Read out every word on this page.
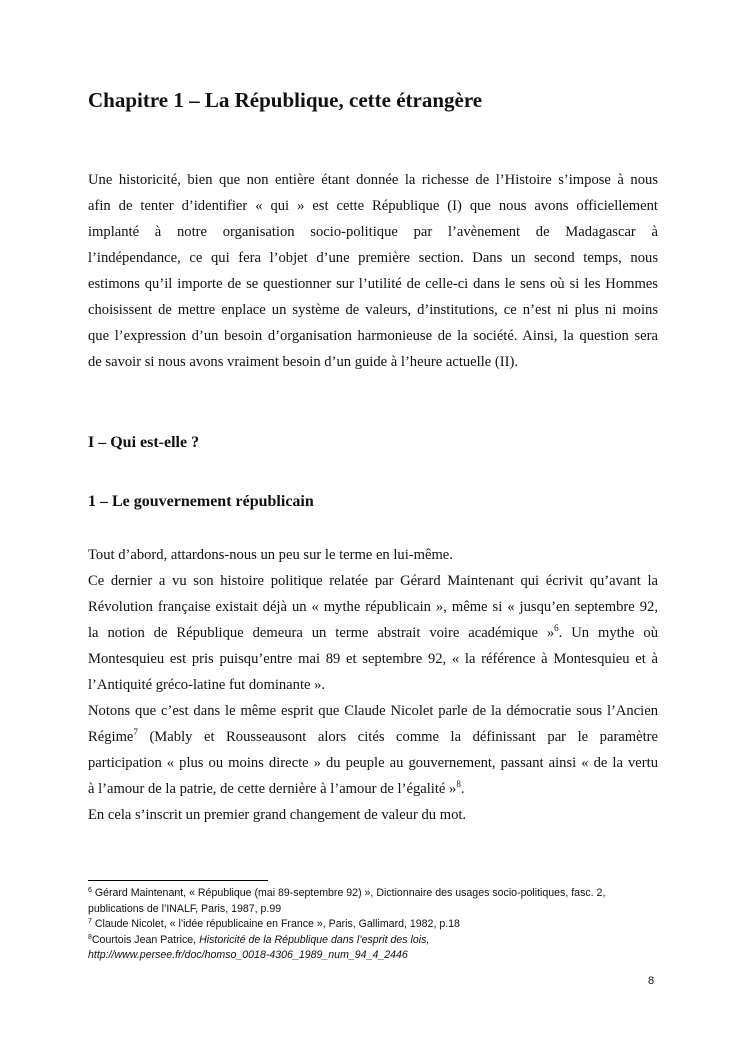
Chapitre 1 – La République, cette étrangère
Une historicité, bien que non entière étant donnée la richesse de l’Histoire s’impose à nous
afin de tenter d’identifier « qui » est cette République (I) que nous avons officiellement
implanté à notre organisation socio-politique par l’avènement de Madagascar à
l’indépendance, ce qui fera l’objet d’une première section. Dans un second temps, nous
estimons qu’il importe de se questionner sur l’utilité de celle-ci dans le sens où si les Hommes
choisissent de mettre enplace un système de valeurs, d’institutions, ce n’est ni plus ni moins
que l’expression d’un besoin d’organisation harmonieuse de la société. Ainsi, la question sera
de savoir si nous avons vraiment besoin d’un guide à l’heure actuelle (II).
I – Qui est-elle ?
1 – Le gouvernement républicain
Tout d’abord, attardons-nous un peu sur le terme en lui-même.
Ce dernier a vu son histoire politique relatée par Gérard Maintenant qui écrivit qu’avant la
Révolution française existait déjà un « mythe républicain », même si « jusqu’en septembre 92,
la notion de République demeura un terme abstrait voire académique »$^6$. Un mythe où
Montesquieu est pris puisqu’entre mai 89 et septembre 92, « la référence à Montesquieu et à
l’Antiquité gréco-latine fut dominante ».
Notons que c’est dans le même esprit que Claude Nicolet parle de la démocratie sous l’Ancien
Régime$^7$ (Mably et Rousseausont alors cités comme la définissant par le paramètre
participation « plus ou moins directe » du peuple au gouvernement, passant ainsi « de la vertu
à l’amour de la patrie, de cette dernière à l’amour de l’égalité »$^8$.
En cela s’inscrit un premier grand changement de valeur du mot.
$^6$ Gérard Maintenant, « République (mai 89-septembre 92) », Dictionnaire des usages socio-politiques, fasc. 2,
publications de l’INALF, Paris, 1987, p.99
$^7$ Claude Nicolet, « l’idée républicaine en France », Paris, Gallimard, 1982, p.18
$^8$Courtois Jean Patrice, Historicité de la République dans l’esprit des lois,
http://www.persee.fr/doc/homso_0018-4306_1989_num_94_4_2446
8
